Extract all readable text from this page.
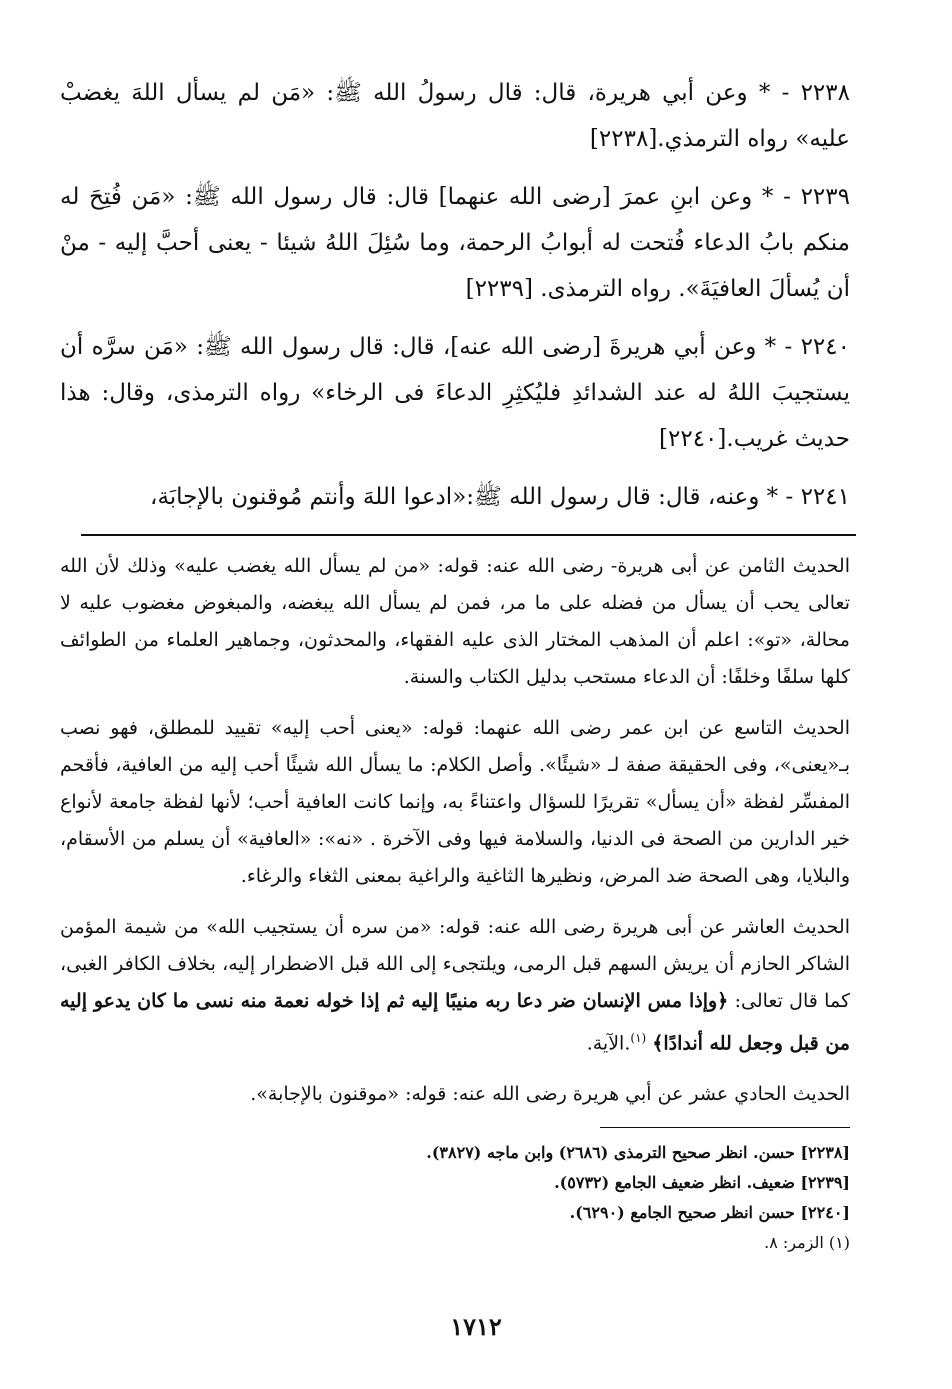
٢٢٣٨ - * وعن أبي هريرة، قال: قال رسولُ الله ﷺ: «مَن لم يسأل اللهَ يغضبْ عليه» رواه الترمذي.[٢٢٣٨]

٢٢٣٩ - * وعن ابنِ عمرَ [رضى الله عنهما] قال: قال رسول الله ﷺ: «مَن فُتِحَ له منكم بابُ الدعاء فُتحت له أبوابُ الرحمة، وما سُئِلَ اللهُ شيئا - يعنى أحبَّ إليه - منْ أن يُسألَ العافيَةَ». رواه الترمذى. [٢٢٣٩]

٢٢٤٠ - * وعن أبي هريرةَ [رضى الله عنه]، قال: قال رسول الله ﷺ: «مَن سرَّه أن يستجيبَ اللهُ له عند الشدائدِ فليُكثِرِ الدعاءَ فى الرخاء» رواه الترمذى، وقال: هذا حديث غريب.[٢٢٤٠]

٢٢٤١ - * وعنه، قال: قال رسول الله ﷺ:«ادعوا اللهَ وأنتم مُوقنون بالإجابَة،

الحديث الثامن عن أبى هريرة- رضى الله عنه: قوله: «من لم يسأل الله يغضب عليه» وذلك لأن الله تعالى يحب أن يسأل من فضله على ما مر، فمن لم يسأل الله يبغضه، والمبغوض مغضوب عليه لا محالة، «تو»: اعلم أن المذهب المختار الذى عليه الفقهاء، والمحدثون، وجماهير العلماء من الطوائف كلها سلفًا وخلفًا: أن الدعاء مستحب بدليل الكتاب والسنة.

الحديث التاسع عن ابن عمر رضى الله عنهما: قوله: «يعنى أحب إليه» تقييد للمطلق، فهو نصب بـ«يعنى»، وفى الحقيقة صفة لـ «شيئًا». وأصل الكلام: ما يسأل الله شيئًا أحب إليه من العافية، فأقحم المفسِّر لفظة «أن يسأل» تقريرًا للسؤال واعتناءً به، وإنما كانت العافية أحب؛ لأنها لفظة جامعة لأنواع خير الدارين من الصحة فى الدنيا، والسلامة فيها وفى الآخرة . «نه»: «العافية» أن يسلم من الأسقام، والبلايا، وهى الصحة ضد المرض، ونظيرها الثاغية والراغية بمعنى الثغاء والرغاء.

الحديث العاشر عن أبى هريرة رضى الله عنه: قوله: «من سره أن يستجيب الله» من شيمة المؤمن الشاكر الحازم أن يريش السهم قبل الرمى، ويلتجىء إلى الله قبل الاضطرار إليه، بخلاف الكافر الغبى، كما قال تعالى: ﴿وإذا مس الإنسان ضر دعا ربه منيبًا إليه ثم إذا خوله نعمة منه نسى ما كان يدعو إليه من قبل وجعل لله أندادًا﴾ $^{(١)}$.الآية.

الحديث الحادي عشر عن أبي هريرة رضى الله عنه: قوله: «موقنون بالإجابة».

[٢٢٣٨] حسن. انظر صحيح الترمذى (٢٦٨٦) وابن ماجه (٣٨٢٧).

[٢٢٣٩] ضعيف. انظر ضعيف الجامع (٥٧٣٢).

[٢٢٤٠] حسن انظر صحيح الجامع (٦٢٩٠).

(١) الزمر: ٨.

١٧١٢
